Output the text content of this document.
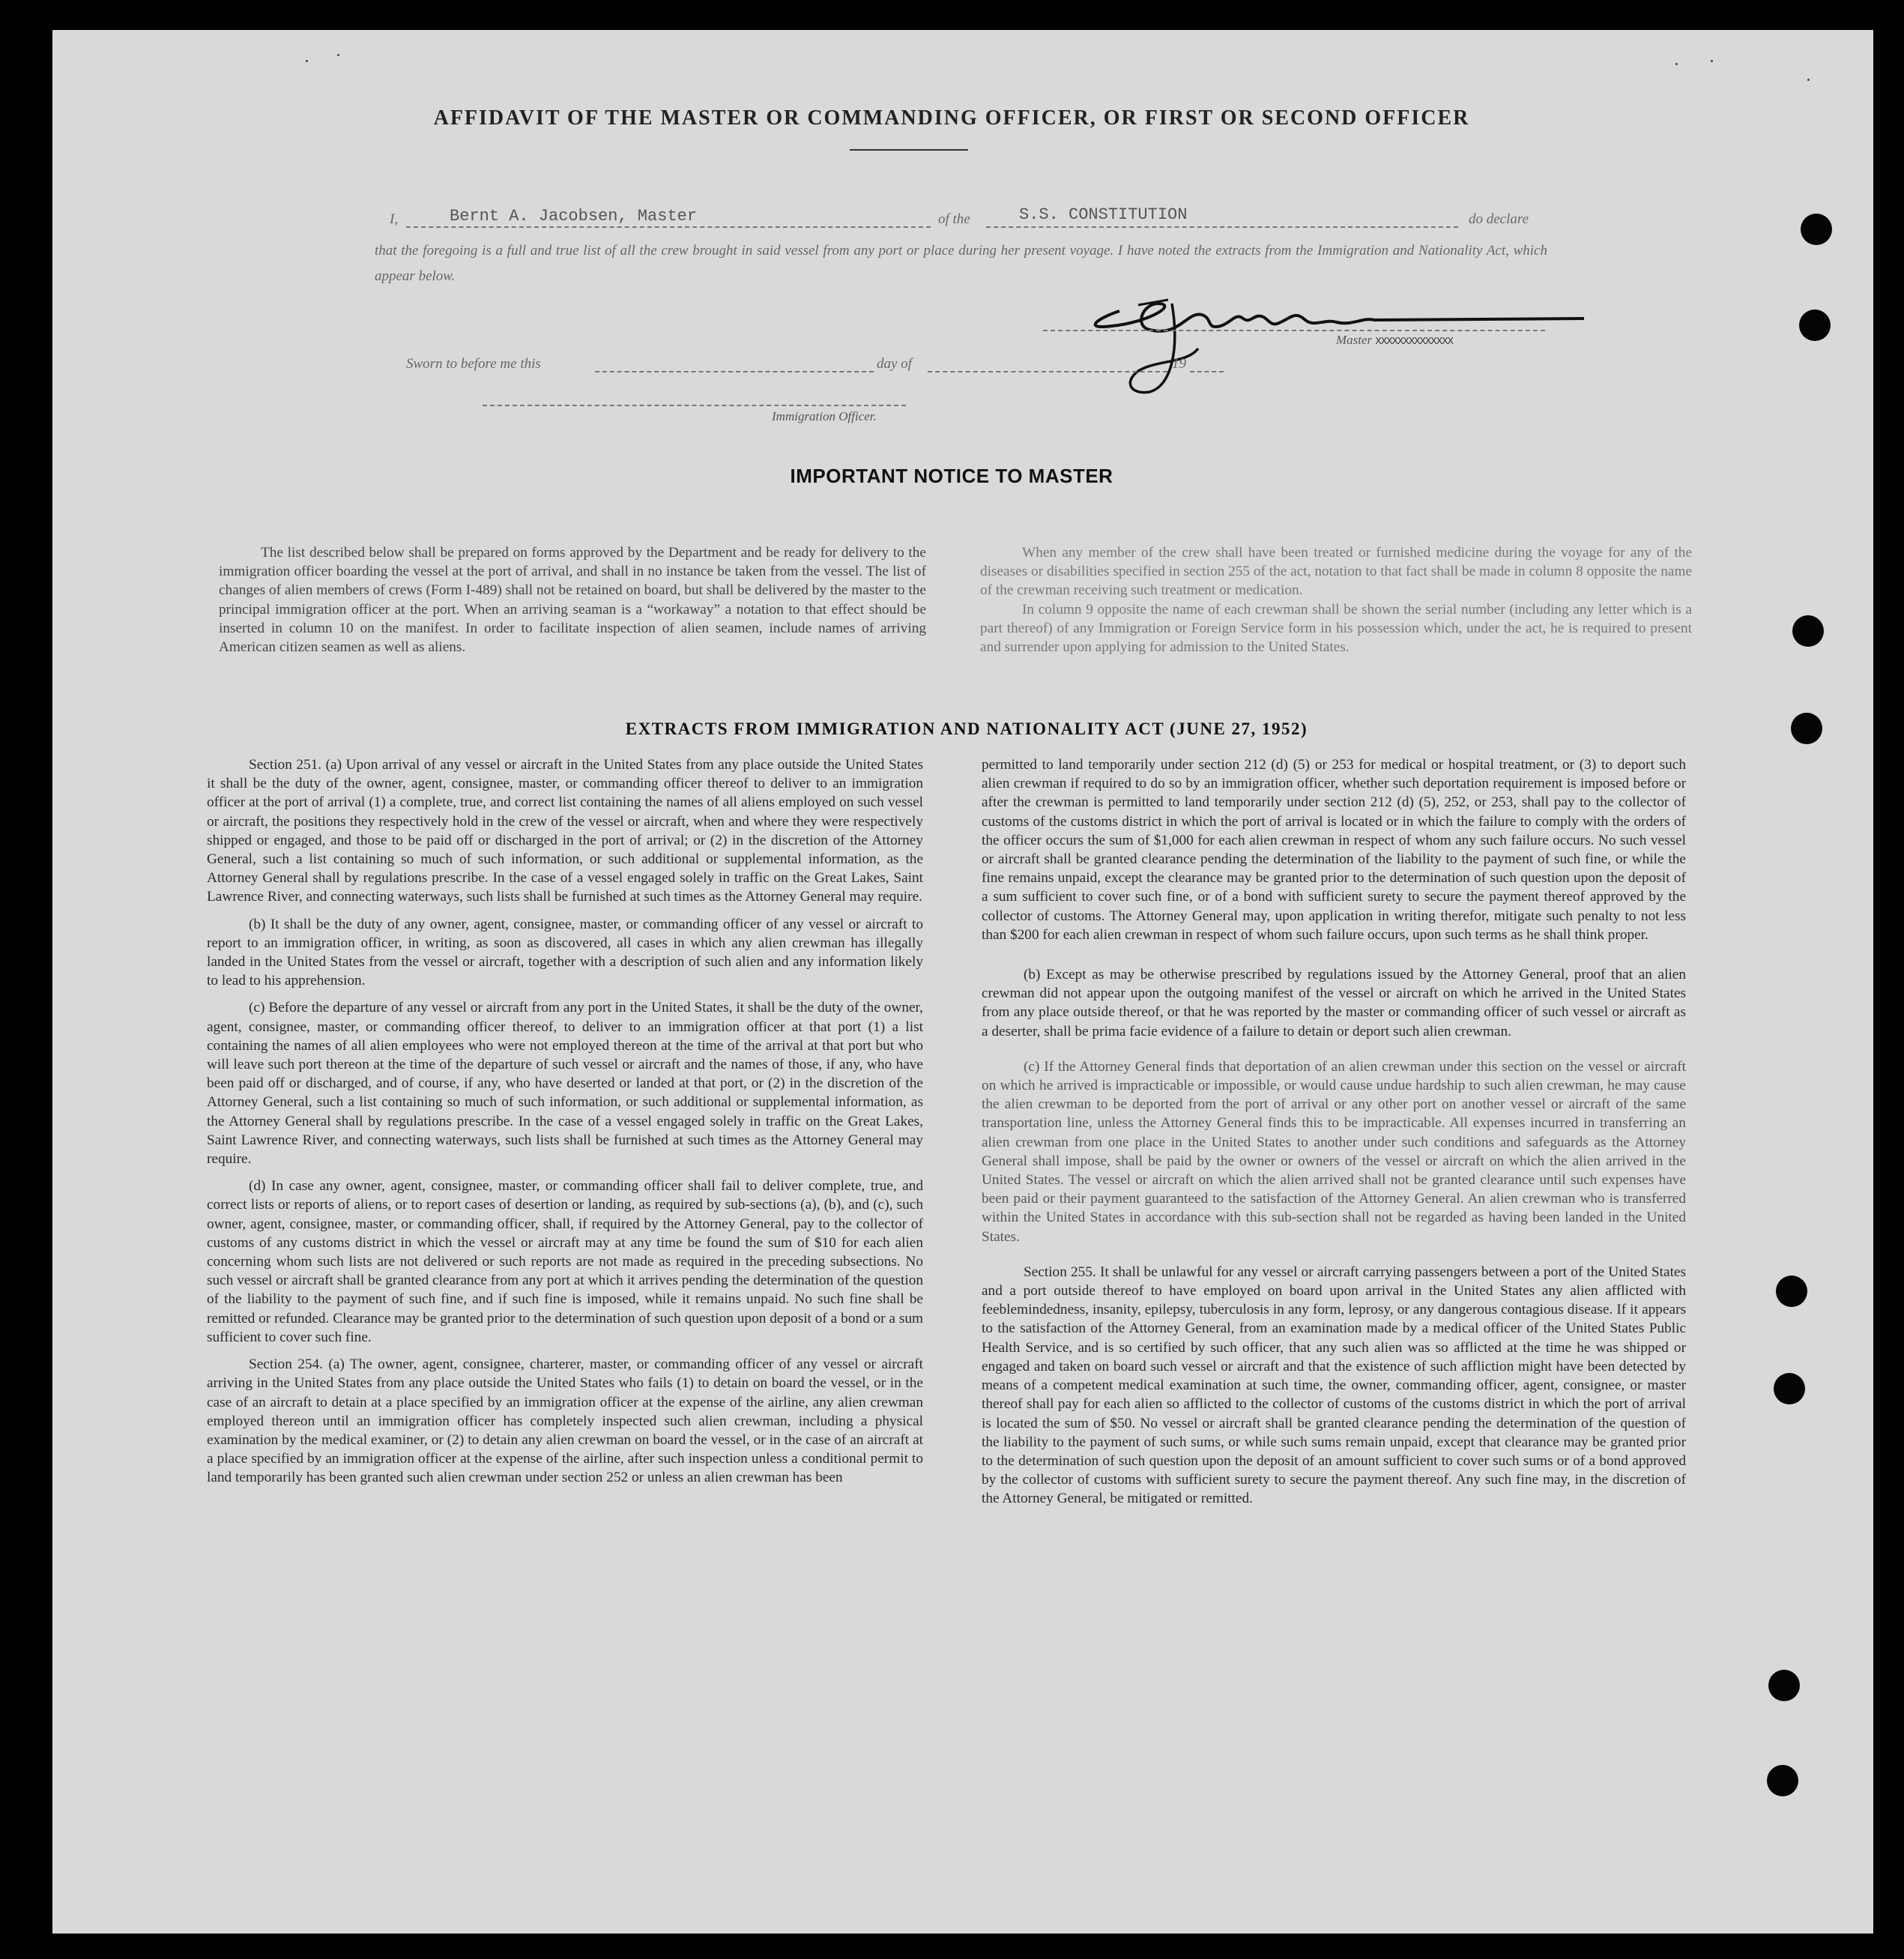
AFFIDAVIT OF THE MASTER OR COMMANDING OFFICER, OR FIRST OR SECOND OFFICER
I,	Bernt A. Jacobsen, Master	of the	S.S. CONSTITUTION	do declare
that the foregoing is a full and true list of all the crew brought in said vessel from any port or place during her present voyage. I have noted the extracts from the Immigration and Nationality Act, which appear below.
Master XXXXXXXXXXXXXX
Sworn to before me this	day of	19
Immigration Officer.
IMPORTANT NOTICE TO MASTER

The list described below shall be prepared on forms approved by the Department and be ready for delivery to the immigration officer boarding the vessel at the port of arrival, and shall in no instance be taken from the vessel. The list of changes of alien members of crews (Form I-489) shall not be retained on board, but shall be delivered by the master to the principal immigration officer at the port. When an arriving seaman is a “workaway” a notation to that effect should be inserted in column 10 on the manifest. In order to facilitate inspection of alien seamen, include names of arriving American citizen seamen as well as aliens.

When any member of the crew shall have been treated or furnished medicine during the voyage for any of the diseases or disabilities specified in section 255 of the act, notation to that fact shall be made in column 8 opposite the name of the crewman receiving such treatment or medication.

In column 9 opposite the name of each crewman shall be shown the serial number (including any letter which is a part thereof) of any Immigration or Foreign Service form in his possession which, under the act, he is required to present and surrender upon applying for admission to the United States.

EXTRACTS FROM IMMIGRATION AND NATIONALITY ACT (JUNE 27, 1952)

Section 251. (a) Upon arrival of any vessel or aircraft in the United States from any place outside the United States it shall be the duty of the owner, agent, consignee, master, or commanding officer thereof to deliver to an immigration officer at the port of arrival (1) a complete, true, and correct list containing the names of all aliens employed on such vessel or aircraft, the positions they respectively hold in the crew of the vessel or aircraft, when and where they were respectively shipped or engaged, and those to be paid off or discharged in the port of arrival; or (2) in the discretion of the Attorney General, such a list containing so much of such information, or such additional or supplemental information, as the Attorney General shall by regulations prescribe. In the case of a vessel engaged solely in traffic on the Great Lakes, Saint Lawrence River, and connecting waterways, such lists shall be furnished at such times as the Attorney General may require.

(b) It shall be the duty of any owner, agent, consignee, master, or commanding officer of any vessel or aircraft to report to an immigration officer, in writing, as soon as discovered, all cases in which any alien crewman has illegally landed in the United States from the vessel or aircraft, together with a description of such alien and any information likely to lead to his apprehension.

(c) Before the departure of any vessel or aircraft from any port in the United States, it shall be the duty of the owner, agent, consignee, master, or commanding officer thereof, to deliver to an immigration officer at that port (1) a list containing the names of all alien employees who were not employed thereon at the time of the arrival at that port but who will leave such port thereon at the time of the departure of such vessel or aircraft and the names of those, if any, who have been paid off or discharged, and of course, if any, who have deserted or landed at that port, or (2) in the discretion of the Attorney General, such a list containing so much of such information, or such additional or supplemental information, as the Attorney General shall by regulations prescribe. In the case of a vessel engaged solely in traffic on the Great Lakes, Saint Lawrence River, and connecting waterways, such lists shall be furnished at such times as the Attorney General may require.

(d) In case any owner, agent, consignee, master, or commanding officer shall fail to deliver complete, true, and correct lists or reports of aliens, or to report cases of desertion or landing, as required by sub-sections (a), (b), and (c), such owner, agent, consignee, master, or commanding officer, shall, if required by the Attorney General, pay to the collector of customs of any customs district in which the vessel or aircraft may at any time be found the sum of $10 for each alien concerning whom such lists are not delivered or such reports are not made as required in the preceding subsections. No such vessel or aircraft shall be granted clearance from any port at which it arrives pending the determination of the question of the liability to the payment of such fine, and if such fine is imposed, while it remains unpaid. No such fine shall be remitted or refunded. Clearance may be granted prior to the determination of such question upon deposit of a bond or a sum sufficient to cover such fine.

Section 254. (a) The owner, agent, consignee, charterer, master, or commanding officer of any vessel or aircraft arriving in the United States from any place outside the United States who fails (1) to detain on board the vessel, or in the case of an aircraft to detain at a place specified by an immigration officer at the expense of the airline, any alien crewman employed thereon until an immigration officer has completely inspected such alien crewman, including a physical examination by the medical examiner, or (2) to detain any alien crewman on board the vessel, or in the case of an aircraft at a place specified by an immigration officer at the expense of the airline, after such inspection unless a conditional permit to land temporarily has been granted such alien crewman under section 252 or unless an alien crewman has been

permitted to land temporarily under section 212 (d) (5) or 253 for medical or hospital treatment, or (3) to deport such alien crewman if required to do so by an immigration officer, whether such deportation requirement is imposed before or after the crewman is permitted to land temporarily under section 212 (d) (5), 252, or 253, shall pay to the collector of customs of the customs district in which the port of arrival is located or in which the failure to comply with the orders of the officer occurs the sum of $1,000 for each alien crewman in respect of whom any such failure occurs. No such vessel or aircraft shall be granted clearance pending the determination of the liability to the payment of such fine, or while the fine remains unpaid, except the clearance may be granted prior to the determination of such question upon the deposit of a sum sufficient to cover such fine, or of a bond with sufficient surety to secure the payment thereof approved by the collector of customs. The Attorney General may, upon application in writing therefor, mitigate such penalty to not less than $200 for each alien crewman in respect of whom such failure occurs, upon such terms as he shall think proper.

(b) Except as may be otherwise prescribed by regulations issued by the Attorney General, proof that an alien crewman did not appear upon the outgoing manifest of the vessel or aircraft on which he arrived in the United States from any place outside thereof, or that he was reported by the master or commanding officer of such vessel or aircraft as a deserter, shall be prima facie evidence of a failure to detain or deport such alien crewman.

(c) If the Attorney General finds that deportation of an alien crewman under this section on the vessel or aircraft on which he arrived is impracticable or impossible, or would cause undue hardship to such alien crewman, he may cause the alien crewman to be deported from the port of arrival or any other port on another vessel or aircraft of the same transportation line, unless the Attorney General finds this to be impracticable. All expenses incurred in transferring an alien crewman from one place in the United States to another under such conditions and safeguards as the Attorney General shall impose, shall be paid by the owner or owners of the vessel or aircraft on which the alien arrived in the United States. The vessel or aircraft on which the alien arrived shall not be granted clearance until such expenses have been paid or their payment guaranteed to the satisfaction of the Attorney General. An alien crewman who is transferred within the United States in accordance with this sub-section shall not be regarded as having been landed in the United States.

Section 255. It shall be unlawful for any vessel or aircraft carrying passengers between a port of the United States and a port outside thereof to have employed on board upon arrival in the United States any alien afflicted with feeblemindedness, insanity, epilepsy, tuberculosis in any form, leprosy, or any dangerous contagious disease. If it appears to the satisfaction of the Attorney General, from an examination made by a medical officer of the United States Public Health Service, and is so certified by such officer, that any such alien was so afflicted at the time he was shipped or engaged and taken on board such vessel or aircraft and that the existence of such affliction might have been detected by means of a competent medical examination at such time, the owner, commanding officer, agent, consignee, or master thereof shall pay for each alien so afflicted to the collector of customs of the customs district in which the port of arrival is located the sum of $50. No vessel or aircraft shall be granted clearance pending the determination of the question of the liability to the payment of such sums, or while such sums remain unpaid, except that clearance may be granted prior to the determination of such question upon the deposit of an amount sufficient to cover such sums or of a bond approved by the collector of customs with sufficient surety to secure the payment thereof. Any such fine may, in the discretion of the Attorney General, be mitigated or remitted.
